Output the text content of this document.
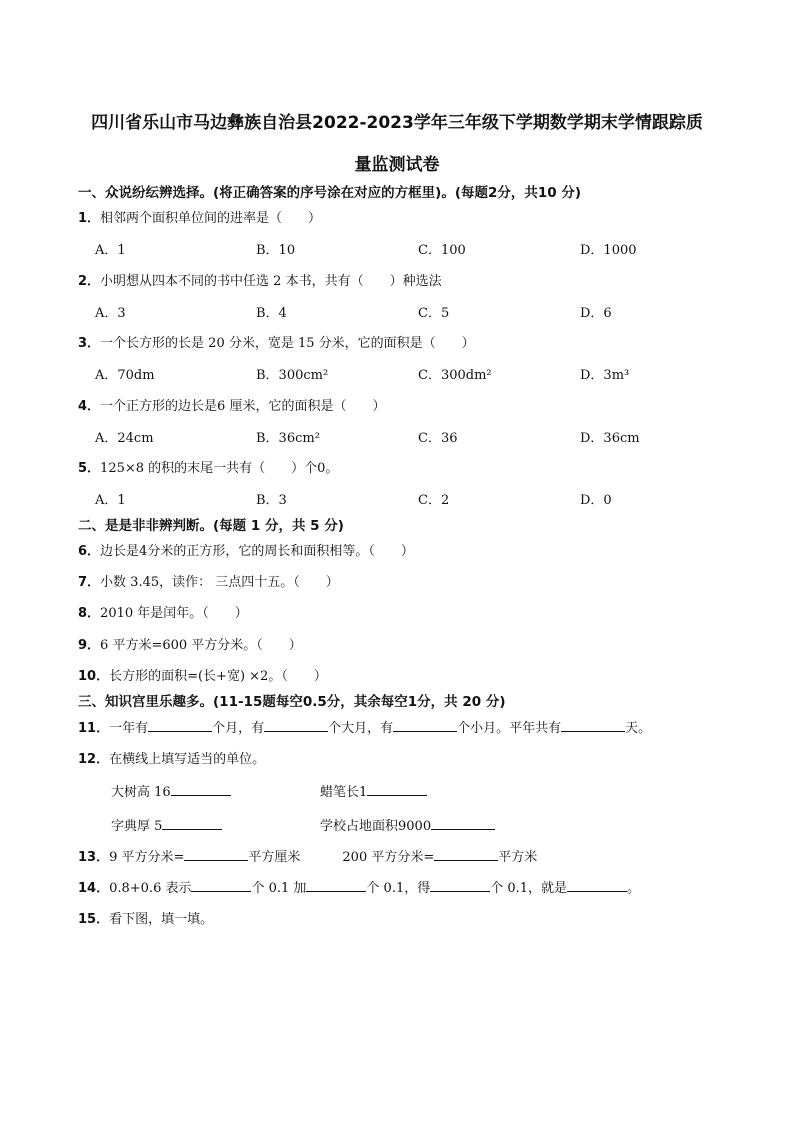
四川省乐山市马边彝族自治县2022-2023学年三年级下学期数学期末学情跟踪质
量监测试卷
一、众说纷纭辨选择。(将正确答案的序号涂在对应的方框里)。(每题2分，共10 分)
1．相邻两个面积单位间的进率是（　　）
A．1	B．10	C．100	D．1000
2．小明想从四本不同的书中任选 2 本书，共有（　　）种选法
A．3	B．4	C．5	D．6
3．一个长方形的长是 20 分米，宽是 15 分米，它的面积是（　　）
A．70dm	B．300cm²	C．300dm²	D．3m³
4．一个正方形的边长是6 厘米，它的面积是（　　）
A．24cm	B．36cm²	C．36	D．36cm
5．125×8 的积的末尾一共有（　　）个0。
A．1	B．3	C．2	D．0
二、是是非非辨判断。(每题 1 分，共 5 分)
6．边长是4分米的正方形，它的周长和面积相等。（　　）
7．小数 3.45，读作： 三点四十五。（　　）
8．2010 年是闰年。（　　）
9．6 平方米=600 平方分米。（　　）
10．长方形的面积=(长+宽) ×2。（　　）
三、知识宫里乐趣多。(11-15题每空0.5分，其余每空1分，共 20 分)
11．一年有	个月，有	个大月，有	个小月。平年共有	天。
12．在横线上填写适当的单位。
大树高 16	蜡笔长1
字典厚 5	学校占地面积9000
13．9 平方分米=	平方厘米	200 平方分米=	平方米
14．0.8+0.6 表示	个 0.1 加	个 0.1，得	个 0.1，就是	。
15．看下图，填一填。
